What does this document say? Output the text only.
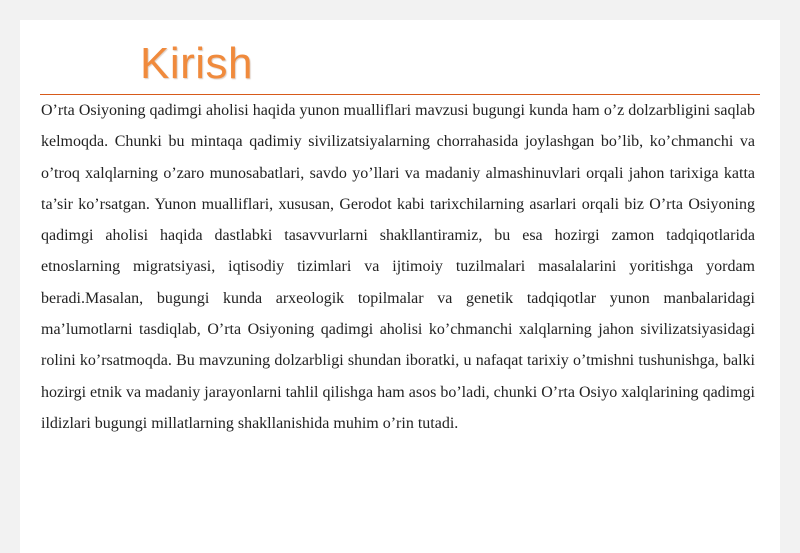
Kirish

O’rta Osiyoning qadimgi aholisi haqida yunon mualliflari mavzusi bugungi kunda ham o’z dolzarbligini saqlab kelmoqda. Chunki bu mintaqa qadimiy sivilizatsiyalarning chorrahasida joylashgan bo’lib, ko’chmanchi va o’troq xalqlarning o’zaro munosabatlari, savdo yo’llari va madaniy almashinuvlari orqali jahon tarixiga katta ta’sir ko’rsatgan. Yunon mualliflari, xususan, Gerodot kabi tarixchilarning asarlari orqali biz O’rta Osiyoning qadimgi aholisi haqida dastlabki tasavvurlarni shakllantiramiz, bu esa hozirgi zamon tadqiqotlarida etnoslarning migratsiyasi, iqtisodiy tizimlari va ijtimoiy tuzilmalari masalalarini yoritishga yordam beradi.Masalan, bugungi kunda arxeologik topilmalar va genetik tadqiqotlar yunon manbalaridagi ma’lumotlarni tasdiqlab, O’rta Osiyoning qadimgi aholisi ko’chmanchi xalqlarning jahon sivilizatsiyasidagi rolini ko’rsatmoqda. Bu mavzuning dolzarbligi shundan iboratki, u nafaqat tarixiy o’tmishni tushunishga, balki hozirgi etnik va madaniy jarayonlarni tahlil qilishga ham asos bo’ladi, chunki O’rta Osiyo xalqlarining qadimgi ildizlari bugungi millatlarning shakllanishida muhim o’rin tutadi.
